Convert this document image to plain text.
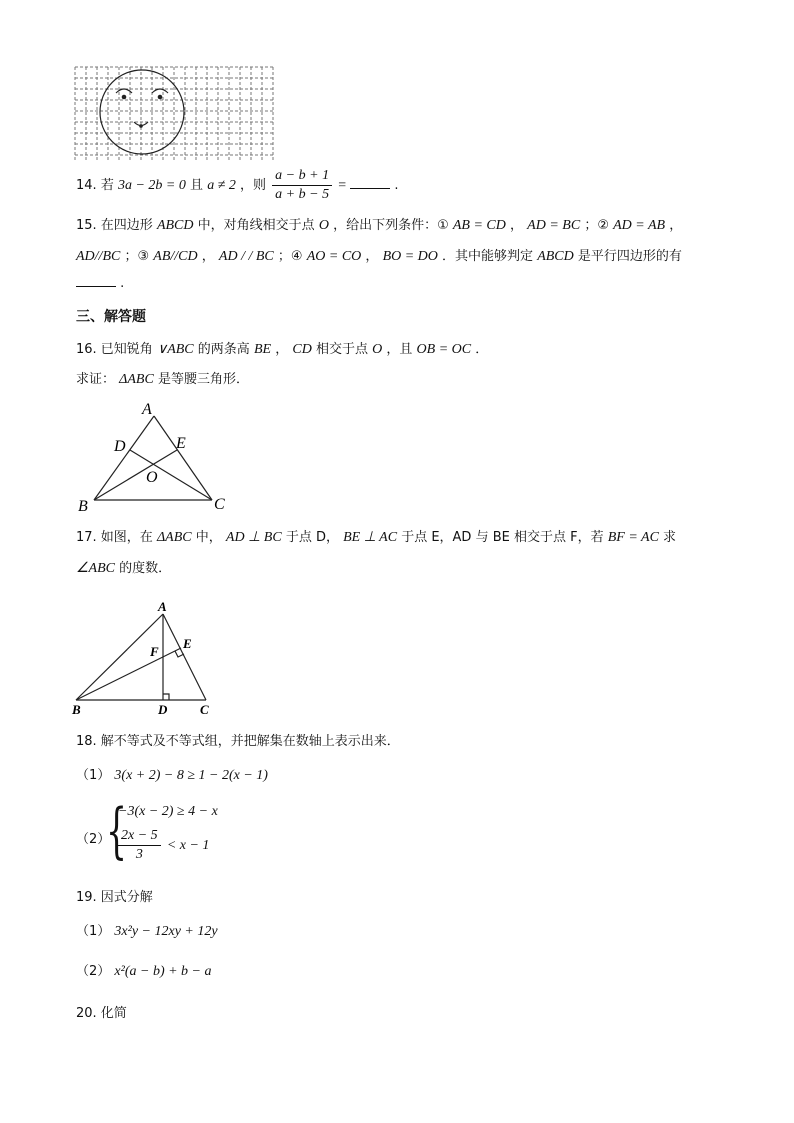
14. 若 3a − 2b = 0 且 a ≠ 2 ，则 $\frac{a - b + 1}{a + b - 5}$ =	.
15. 在四边形 ABCD 中，对角线相交于点 O ，给出下列条件：① AB = CD ， AD = BC ；② AD = AB ，
AD//BC ；③ AB//CD ， AD / / BC ；④ AO = CO ， BO = DO ．其中能够判定 ABCD 是平行四边形的有
.
三、解答题
16. 已知锐角 ∨ABC 的两条高 BE ， CD 相交于点 O ，且 OB = OC ．
求证： ΔABC 是等腰三角形．
A
B	C
D	E
O
17. 如图，在 ΔABC 中， AD ⊥ BC 于点 D， BE ⊥ AC 于点 E，AD 与 BE 相交于点 F，若 BF = AC 求
∠ABC 的度数．
A
B	C
D
E
F
18. 解不等式及不等式组，并把解集在数轴上表示出来．
（1） 3(x + 2) − 8 ≥ 1 − 2(x − 1)
（2）
{
−3(x − 2) ≥ 4 − x
$\frac{2x - 5}{3} < x - 1$
19. 因式分解
（1） 3x²y − 12xy + 12y
（2） x²(a − b) + b − a
20. 化简
